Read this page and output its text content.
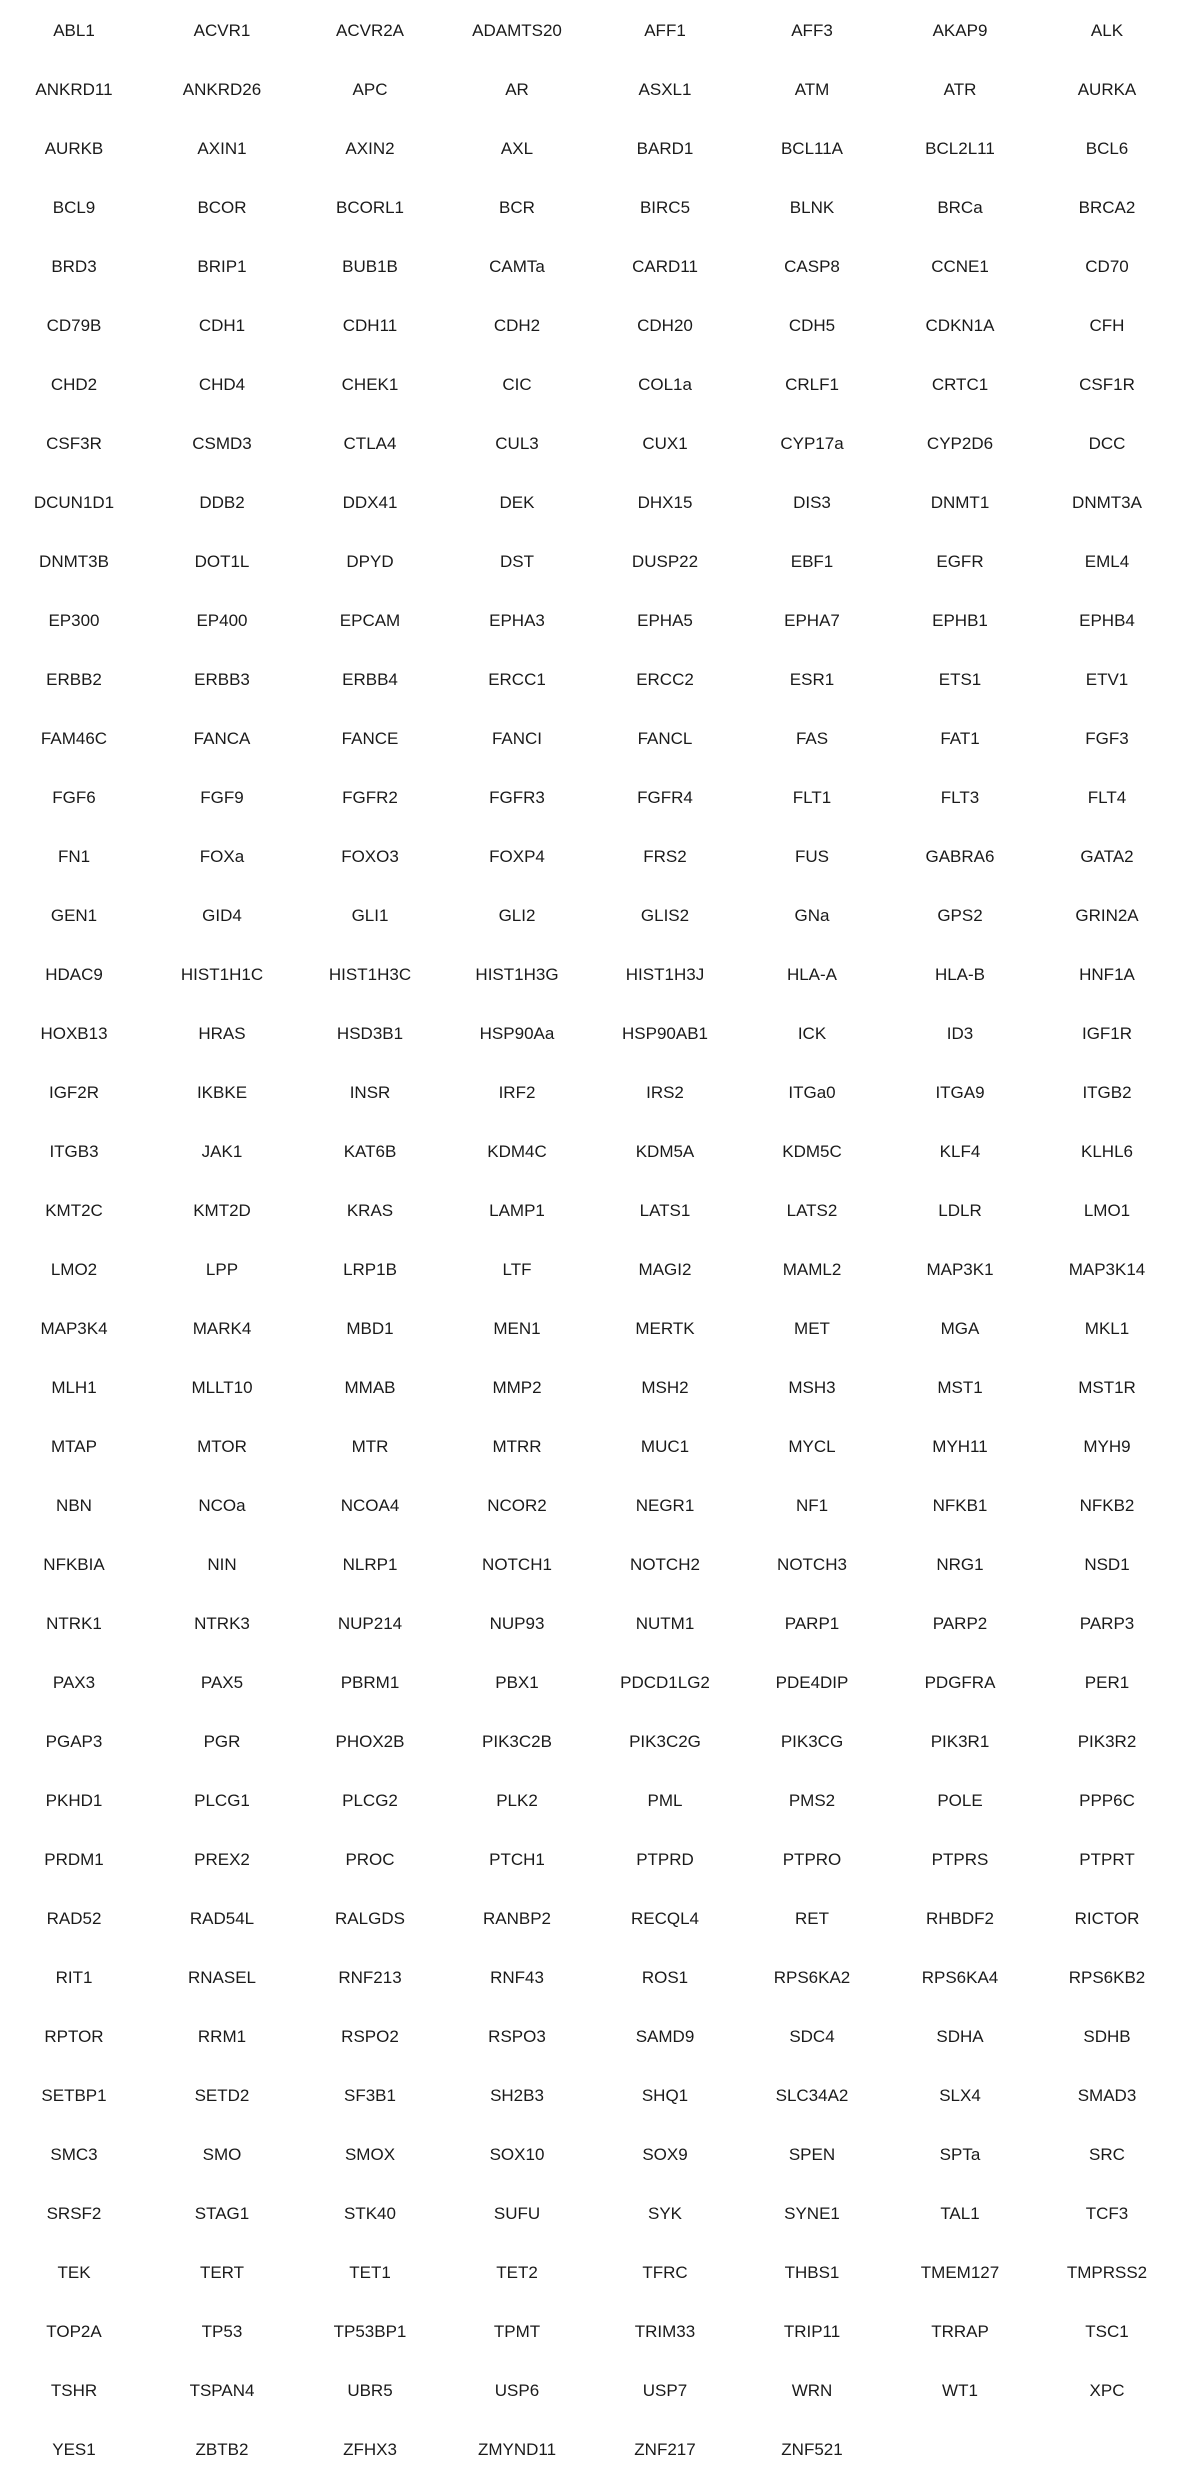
ABL1	ACVR1	ACVR2A	ADAMTS20	AFF1	AFF3	AKAP9	ALK
ANKRD11	ANKRD26	APC	AR	ASXL1	ATM	ATR	AURKA
AURKB	AXIN1	AXIN2	AXL	BARD1	BCL11A	BCL2L11	BCL6
BCL9	BCOR	BCORL1	BCR	BIRC5	BLNK	BRCa	BRCA2
BRD3	BRIP1	BUB1B	CAMTa	CARD11	CASP8	CCNE1	CD70
CD79B	CDH1	CDH11	CDH2	CDH20	CDH5	CDKN1A	CFH
CHD2	CHD4	CHEK1	CIC	COL1a	CRLF1	CRTC1	CSF1R
CSF3R	CSMD3	CTLA4	CUL3	CUX1	CYP17a	CYP2D6	DCC
DCUN1D1	DDB2	DDX41	DEK	DHX15	DIS3	DNMT1	DNMT3A
DNMT3B	DOT1L	DPYD	DST	DUSP22	EBF1	EGFR	EML4
EP300	EP400	EPCAM	EPHA3	EPHA5	EPHA7	EPHB1	EPHB4
ERBB2	ERBB3	ERBB4	ERCC1	ERCC2	ESR1	ETS1	ETV1
FAM46C	FANCA	FANCE	FANCI	FANCL	FAS	FAT1	FGF3
FGF6	FGF9	FGFR2	FGFR3	FGFR4	FLT1	FLT3	FLT4
FN1	FOXa	FOXO3	FOXP4	FRS2	FUS	GABRA6	GATA2
GEN1	GID4	GLI1	GLI2	GLIS2	GNa	GPS2	GRIN2A
HDAC9	HIST1H1C	HIST1H3C	HIST1H3G	HIST1H3J	HLA-A	HLA-B	HNF1A
HOXB13	HRAS	HSD3B1	HSP90Aa	HSP90AB1	ICK	ID3	IGF1R
IGF2R	IKBKE	INSR	IRF2	IRS2	ITGa0	ITGA9	ITGB2
ITGB3	JAK1	KAT6B	KDM4C	KDM5A	KDM5C	KLF4	KLHL6
KMT2C	KMT2D	KRAS	LAMP1	LATS1	LATS2	LDLR	LMO1
LMO2	LPP	LRP1B	LTF	MAGI2	MAML2	MAP3K1	MAP3K14
MAP3K4	MARK4	MBD1	MEN1	MERTK	MET	MGA	MKL1
MLH1	MLLT10	MMAB	MMP2	MSH2	MSH3	MST1	MST1R
MTAP	MTOR	MTR	MTRR	MUC1	MYCL	MYH11	MYH9
NBN	NCOa	NCOA4	NCOR2	NEGR1	NF1	NFKB1	NFKB2
NFKBIA	NIN	NLRP1	NOTCH1	NOTCH2	NOTCH3	NRG1	NSD1
NTRK1	NTRK3	NUP214	NUP93	NUTM1	PARP1	PARP2	PARP3
PAX3	PAX5	PBRM1	PBX1	PDCD1LG2	PDE4DIP	PDGFRA	PER1
PGAP3	PGR	PHOX2B	PIK3C2B	PIK3C2G	PIK3CG	PIK3R1	PIK3R2
PKHD1	PLCG1	PLCG2	PLK2	PML	PMS2	POLE	PPP6C
PRDM1	PREX2	PROC	PTCH1	PTPRD	PTPRO	PTPRS	PTPRT
RAD52	RAD54L	RALGDS	RANBP2	RECQL4	RET	RHBDF2	RICTOR
RIT1	RNASEL	RNF213	RNF43	ROS1	RPS6KA2	RPS6KA4	RPS6KB2
RPTOR	RRM1	RSPO2	RSPO3	SAMD9	SDC4	SDHA	SDHB
SETBP1	SETD2	SF3B1	SH2B3	SHQ1	SLC34A2	SLX4	SMAD3
SMC3	SMO	SMOX	SOX10	SOX9	SPEN	SPTa	SRC
SRSF2	STAG1	STK40	SUFU	SYK	SYNE1	TAL1	TCF3
TEK	TERT	TET1	TET2	TFRC	THBS1	TMEM127	TMPRSS2
TOP2A	TP53	TP53BP1	TPMT	TRIM33	TRIP11	TRRAP	TSC1
TSHR	TSPAN4	UBR5	USP6	USP7	WRN	WT1	XPC
YES1	ZBTB2	ZFHX3	ZMYND11	ZNF217	ZNF521
